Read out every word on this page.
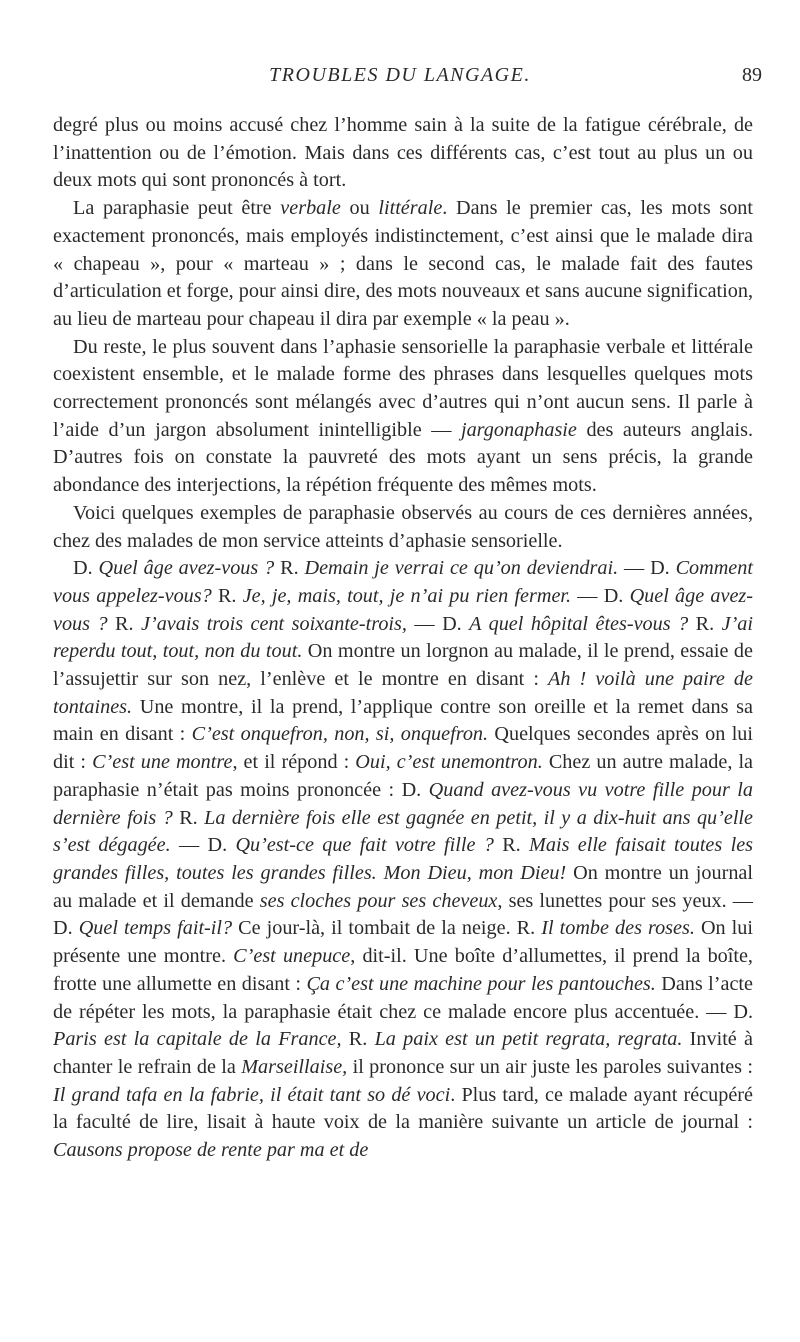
TROUBLES DU LANGAGE.	89

degré plus ou moins accusé chez l’homme sain à la suite de la fatigue cérébrale, de l’inattention ou de l’émotion. Mais dans ces différents cas, c’est tout au plus un ou deux mots qui sont prononcés à tort.

La paraphasie peut être verbale ou littérale. Dans le premier cas, les mots sont exactement prononcés, mais employés indistinctement, c’est ainsi que le malade dira « chapeau », pour « marteau » ; dans le second cas, le malade fait des fautes d’articulation et forge, pour ainsi dire, des mots nouveaux et sans aucune signification, au lieu de marteau pour chapeau il dira par exemple « la peau ».

Du reste, le plus souvent dans l’aphasie sensorielle la paraphasie verbale et littérale coexistent ensemble, et le malade forme des phrases dans lesquelles quelques mots correctement prononcés sont mélangés avec d’autres qui n’ont aucun sens. Il parle à l’aide d’un jargon absolument inintelligible — jargonaphasie des auteurs anglais. D’autres fois on constate la pauvreté des mots ayant un sens précis, la grande abondance des interjections, la répétion fréquente des mêmes mots.

Voici quelques exemples de paraphasie observés au cours de ces dernières années, chez des malades de mon service atteints d’aphasie sensorielle.

D. Quel âge avez-vous ? R. Demain je verrai ce qu’on deviendrai. — D. Comment vous appelez-vous? R. Je, je, mais, tout, je n’ai pu rien fermer. — D. Quel âge avez-vous ? R. J’avais trois cent soixante-trois, — D. A quel hôpital êtes-vous ? R. J’ai reperdu tout, tout, non du tout. On montre un lorgnon au malade, il le prend, essaie de l’assujettir sur son nez, l’enlève et le montre en disant : Ah ! voilà une paire de tontaines. Une montre, il la prend, l’applique contre son oreille et la remet dans sa main en disant : C’est onquefron, non, si, onquefron. Quelques secondes après on lui dit : C’est une montre, et il répond : Oui, c’est unemontron. Chez un autre malade, la paraphasie n’était pas moins prononcée : D. Quand avez-vous vu votre fille pour la dernière fois ? R. La dernière fois elle est gagnée en petit, il y a dix-huit ans qu’elle s’est dégagée. — D. Qu’est-ce que fait votre fille ? R. Mais elle faisait toutes les grandes filles, toutes les grandes filles. Mon Dieu, mon Dieu! On montre un journal au malade et il demande ses cloches pour ses cheveux, ses lunettes pour ses yeux. — D. Quel temps fait-il? Ce jour-là, il tombait de la neige. R. Il tombe des roses. On lui présente une montre. C’est unepuce, dit-il. Une boîte d’allumettes, il prend la boîte, frotte une allumette en disant : Ça c’est une machine pour les pantouches. Dans l’acte de répéter les mots, la paraphasie était chez ce malade encore plus accentuée. — D. Paris est la capitale de la France, R. La paix est un petit regrata, regrata. Invité à chanter le refrain de la Marseillaise, il prononce sur un air juste les paroles suivantes : Il grand tafa en la fabrie, il était tant so dé voci. Plus tard, ce malade ayant récupéré la faculté de lire, lisait à haute voix de la manière suivante un article de journal : Causons propose de rente par ma et de
